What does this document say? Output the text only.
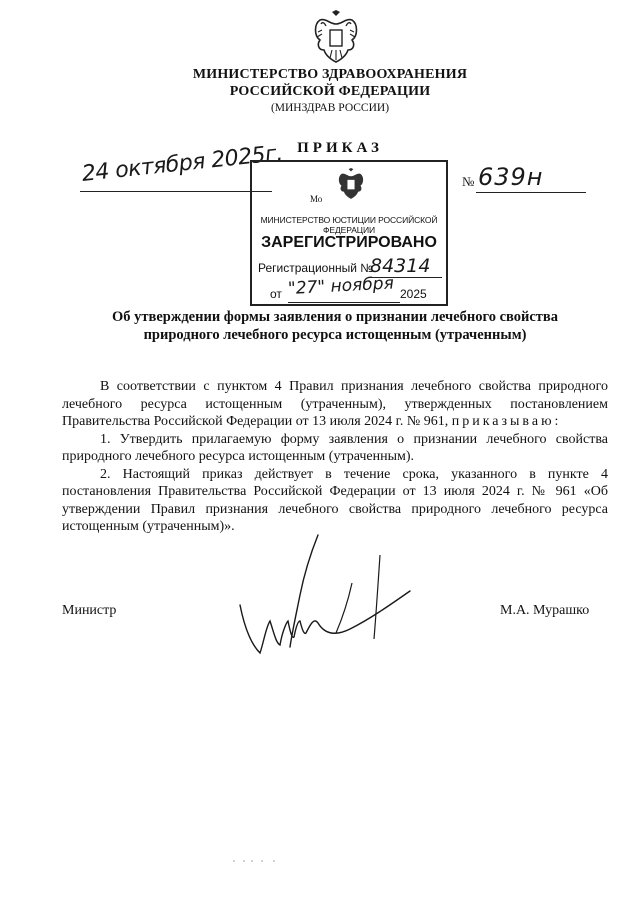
МИНИСТЕРСТВО ЗДРАВООХРАНЕНИЯ
РОССИЙСКОЙ ФЕДЕРАЦИИ
(МИНЗДРАВ РОССИИ)
ПРИКАЗ
24 октября 2025г.	№ 639н
Мо
МИНИСТЕРСТВО ЮСТИЦИИ РОССИЙСКОЙ ФЕДЕРАЦИИ
ЗАРЕГИСТРИРОВАНО
Регистрационный №
84314
от "27" ноября 2025
Об утверждении формы заявления о признании лечебного свойства
природного лечебного ресурса истощенным (утраченным)

В соответствии с пунктом 4 Правил признания лечебного свойства природного лечебного ресурса истощенным (утраченным), утвержденных постановлением Правительства Российской Федерации от 13 июля 2024 г. № 961, приказываю:

1. Утвердить прилагаемую форму заявления о признании лечебного свойства природного лечебного ресурса истощенным (утраченным).

2. Настоящий приказ действует в течение срока, указанного в пункте 4 постановления Правительства Российской Федерации от 13 июля 2024 г. № 961 «Об утверждении Правил признания лечебного свойства природного лечебного ресурса истощенным (утраченным)».

Министр	М.А. Мурашко
